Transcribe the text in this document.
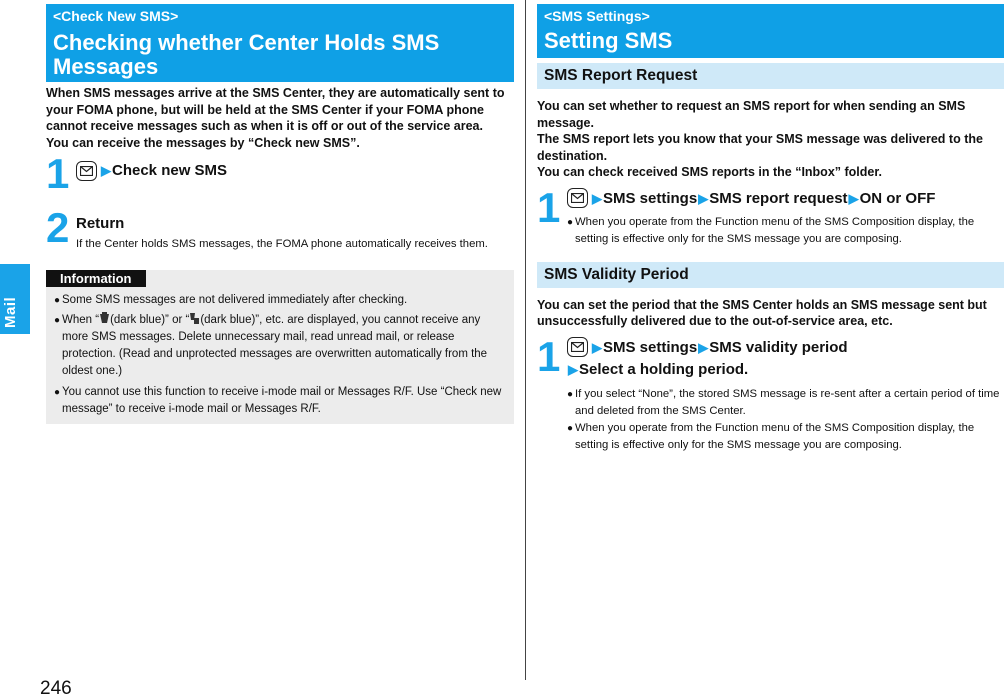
Mail
246
<Check New SMS>
Checking whether Center Holds SMS Messages

When SMS messages arrive at the SMS Center, they are automatically sent to your FOMA phone, but will be held at the SMS Center if your FOMA phone cannot receive messages such as when it is off or out of the service area.

You can receive the messages by “Check new SMS”.

1	▶ Check new SMS
2 Return
If the Center holds SMS messages, the FOMA phone automatically receives them.
Information
● Some SMS messages are not delivered immediately after checking.
● When “ (dark blue)” or “ (dark blue)”, etc. are displayed, you cannot receive any more SMS messages. Delete unnecessary mail, read unread mail, or release protection. (Read and unprotected messages are overwritten automatically from the oldest one.)
● You cannot use this function to receive i-mode mail or Messages R/F. Use “Check new message” to receive i-mode mail or Messages R/F.
<SMS Settings>
Setting SMS
SMS Report Request

You can set whether to request an SMS report for when sending an SMS message.

The SMS report lets you know that your SMS message was delivered to the destination.

You can check received SMS reports in the “Inbox” folder.

1	▶ SMS settings ▶ SMS report request ▶ ON or OFF
● When you operate from the Function menu of the SMS Composition display, the setting is effective only for the SMS message you are composing.
SMS Validity Period

You can set the period that the SMS Center holds an SMS message sent but unsuccessfully delivered due to the out-of-service area, etc.

1	▶ SMS settings ▶ SMS validity period
▶ Select a holding period.
● If you select “None”, the stored SMS message is re-sent after a certain period of time and deleted from the SMS Center.
● When you operate from the Function menu of the SMS Composition display, the setting is effective only for the SMS message you are composing.
